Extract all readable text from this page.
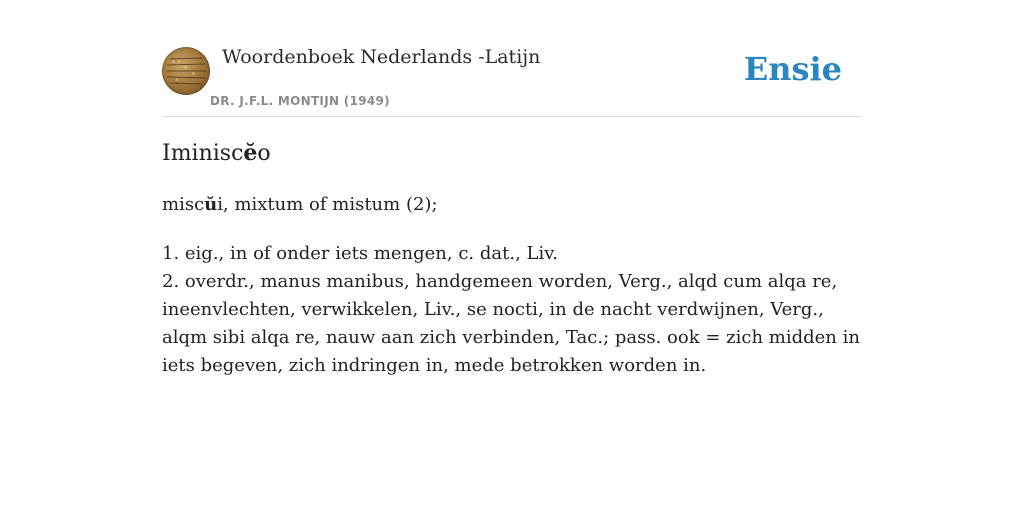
Woordenboek Nederlands -Latijn
DR. J.F.L. MONTIJN (1949)
Ensie
Iminiscĕo
miscŭi, mixtum of mistum (2);
1. eig., in of onder iets mengen, c. dat., Liv.
2. overdr., manus manibus, handgemeen worden, Verg., alqd cum alqa re, ineenvlechten, verwikkelen, Liv., se nocti, in de nacht verdwijnen, Verg., alqm sibi alqa re, nauw aan zich verbinden, Tac.; pass. ook = zich midden in iets begeven, zich indringen in, mede betrokken worden in.
